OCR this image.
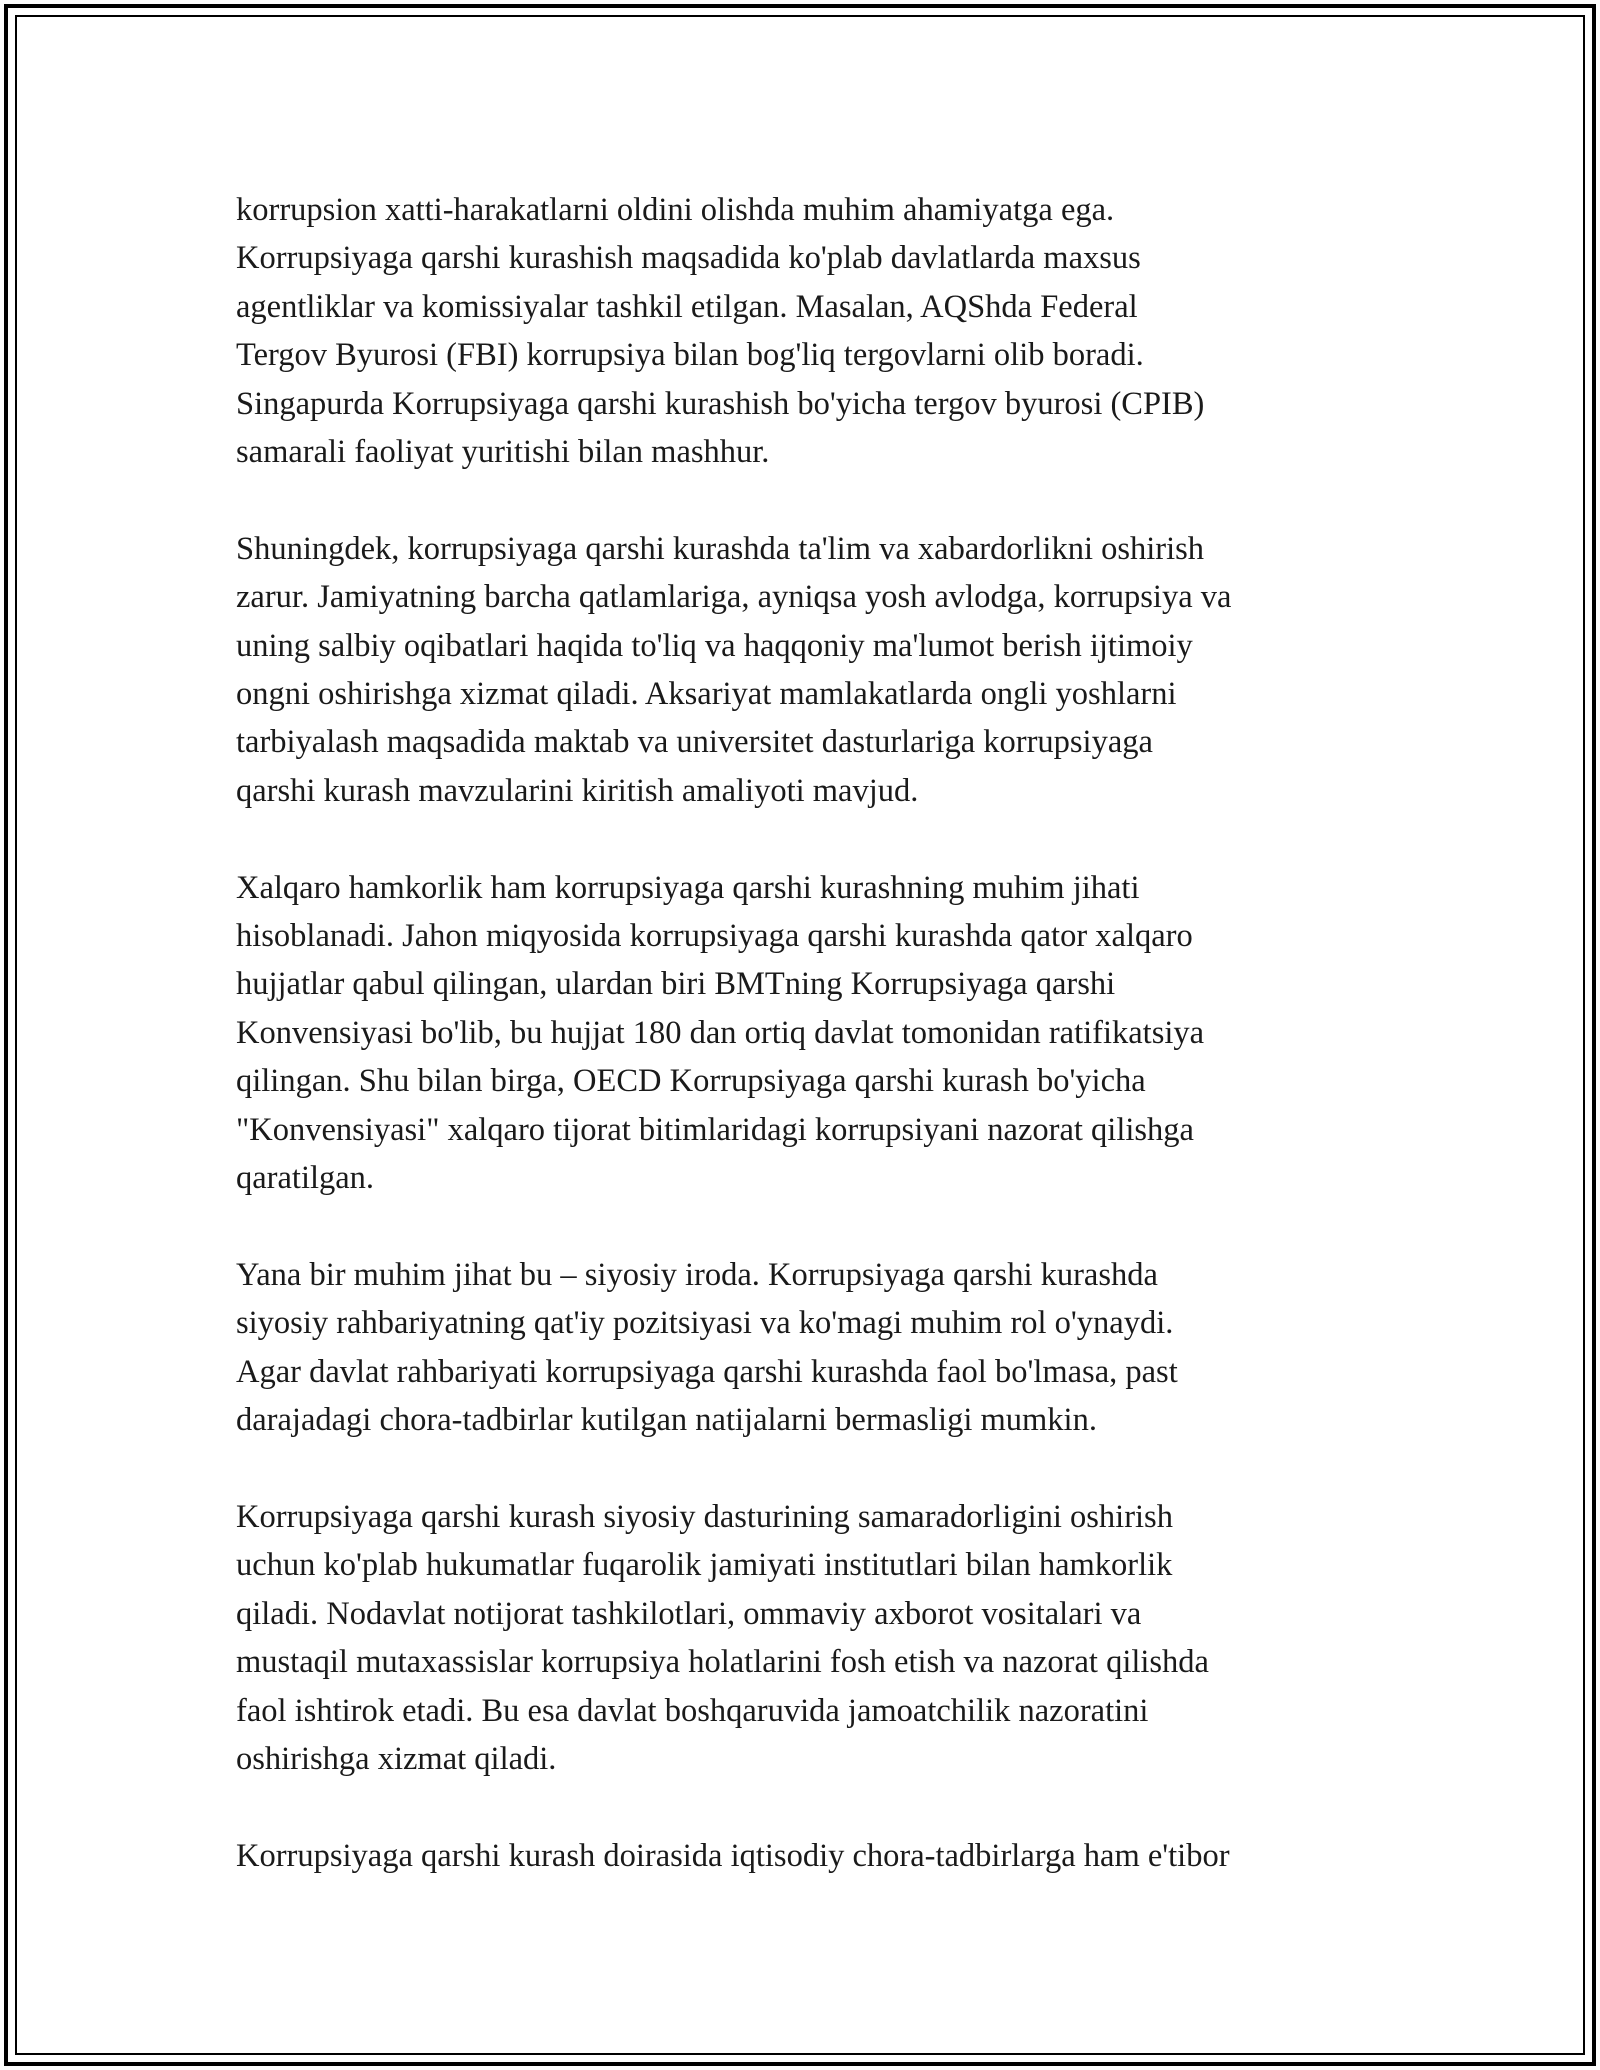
korrupsion xatti-harakatlarni oldini olishda muhim ahamiyatga ega.
Korrupsiyaga qarshi kurashish maqsadida ko'plab davlatlarda maxsus
agentliklar va komissiyalar tashkil etilgan. Masalan, AQShda Federal
Tergov Byurosi (FBI) korrupsiya bilan bog'liq tergovlarni olib boradi.
Singapurda Korrupsiyaga qarshi kurashish bo'yicha tergov byurosi (CPIB)
samarali faoliyat yuritishi bilan mashhur.

Shuningdek, korrupsiyaga qarshi kurashda ta'lim va xabardorlikni oshirish
zarur. Jamiyatning barcha qatlamlariga, ayniqsa yosh avlodga, korrupsiya va
uning salbiy oqibatlari haqida to'liq va haqqoniy ma'lumot berish ijtimoiy
ongni oshirishga xizmat qiladi. Aksariyat mamlakatlarda ongli yoshlarni
tarbiyalash maqsadida maktab va universitet dasturlariga korrupsiyaga
qarshi kurash mavzularini kiritish amaliyoti mavjud.

Xalqaro hamkorlik ham korrupsiyaga qarshi kurashning muhim jihati
hisoblanadi. Jahon miqyosida korrupsiyaga qarshi kurashda qator xalqaro
hujjatlar qabul qilingan, ulardan biri BMTning Korrupsiyaga qarshi
Konvensiyasi bo'lib, bu hujjat 180 dan ortiq davlat tomonidan ratifikatsiya
qilingan. Shu bilan birga, OECD Korrupsiyaga qarshi kurash bo'yicha
"Konvensiyasi" xalqaro tijorat bitimlaridagi korrupsiyani nazorat qilishga
qaratilgan.

Yana bir muhim jihat bu – siyosiy iroda. Korrupsiyaga qarshi kurashda
siyosiy rahbariyatning qat'iy pozitsiyasi va ko'magi muhim rol o'ynaydi.
Agar davlat rahbariyati korrupsiyaga qarshi kurashda faol bo'lmasa, past
darajadagi chora-tadbirlar kutilgan natijalarni bermasligi mumkin.

Korrupsiyaga qarshi kurash siyosiy dasturining samaradorligini oshirish
uchun ko'plab hukumatlar fuqarolik jamiyati institutlari bilan hamkorlik
qiladi. Nodavlat notijorat tashkilotlari, ommaviy axborot vositalari va
mustaqil mutaxassislar korrupsiya holatlarini fosh etish va nazorat qilishda
faol ishtirok etadi. Bu esa davlat boshqaruvida jamoatchilik nazoratini
oshirishga xizmat qiladi.

Korrupsiyaga qarshi kurash doirasida iqtisodiy chora-tadbirlarga ham e'tibor
